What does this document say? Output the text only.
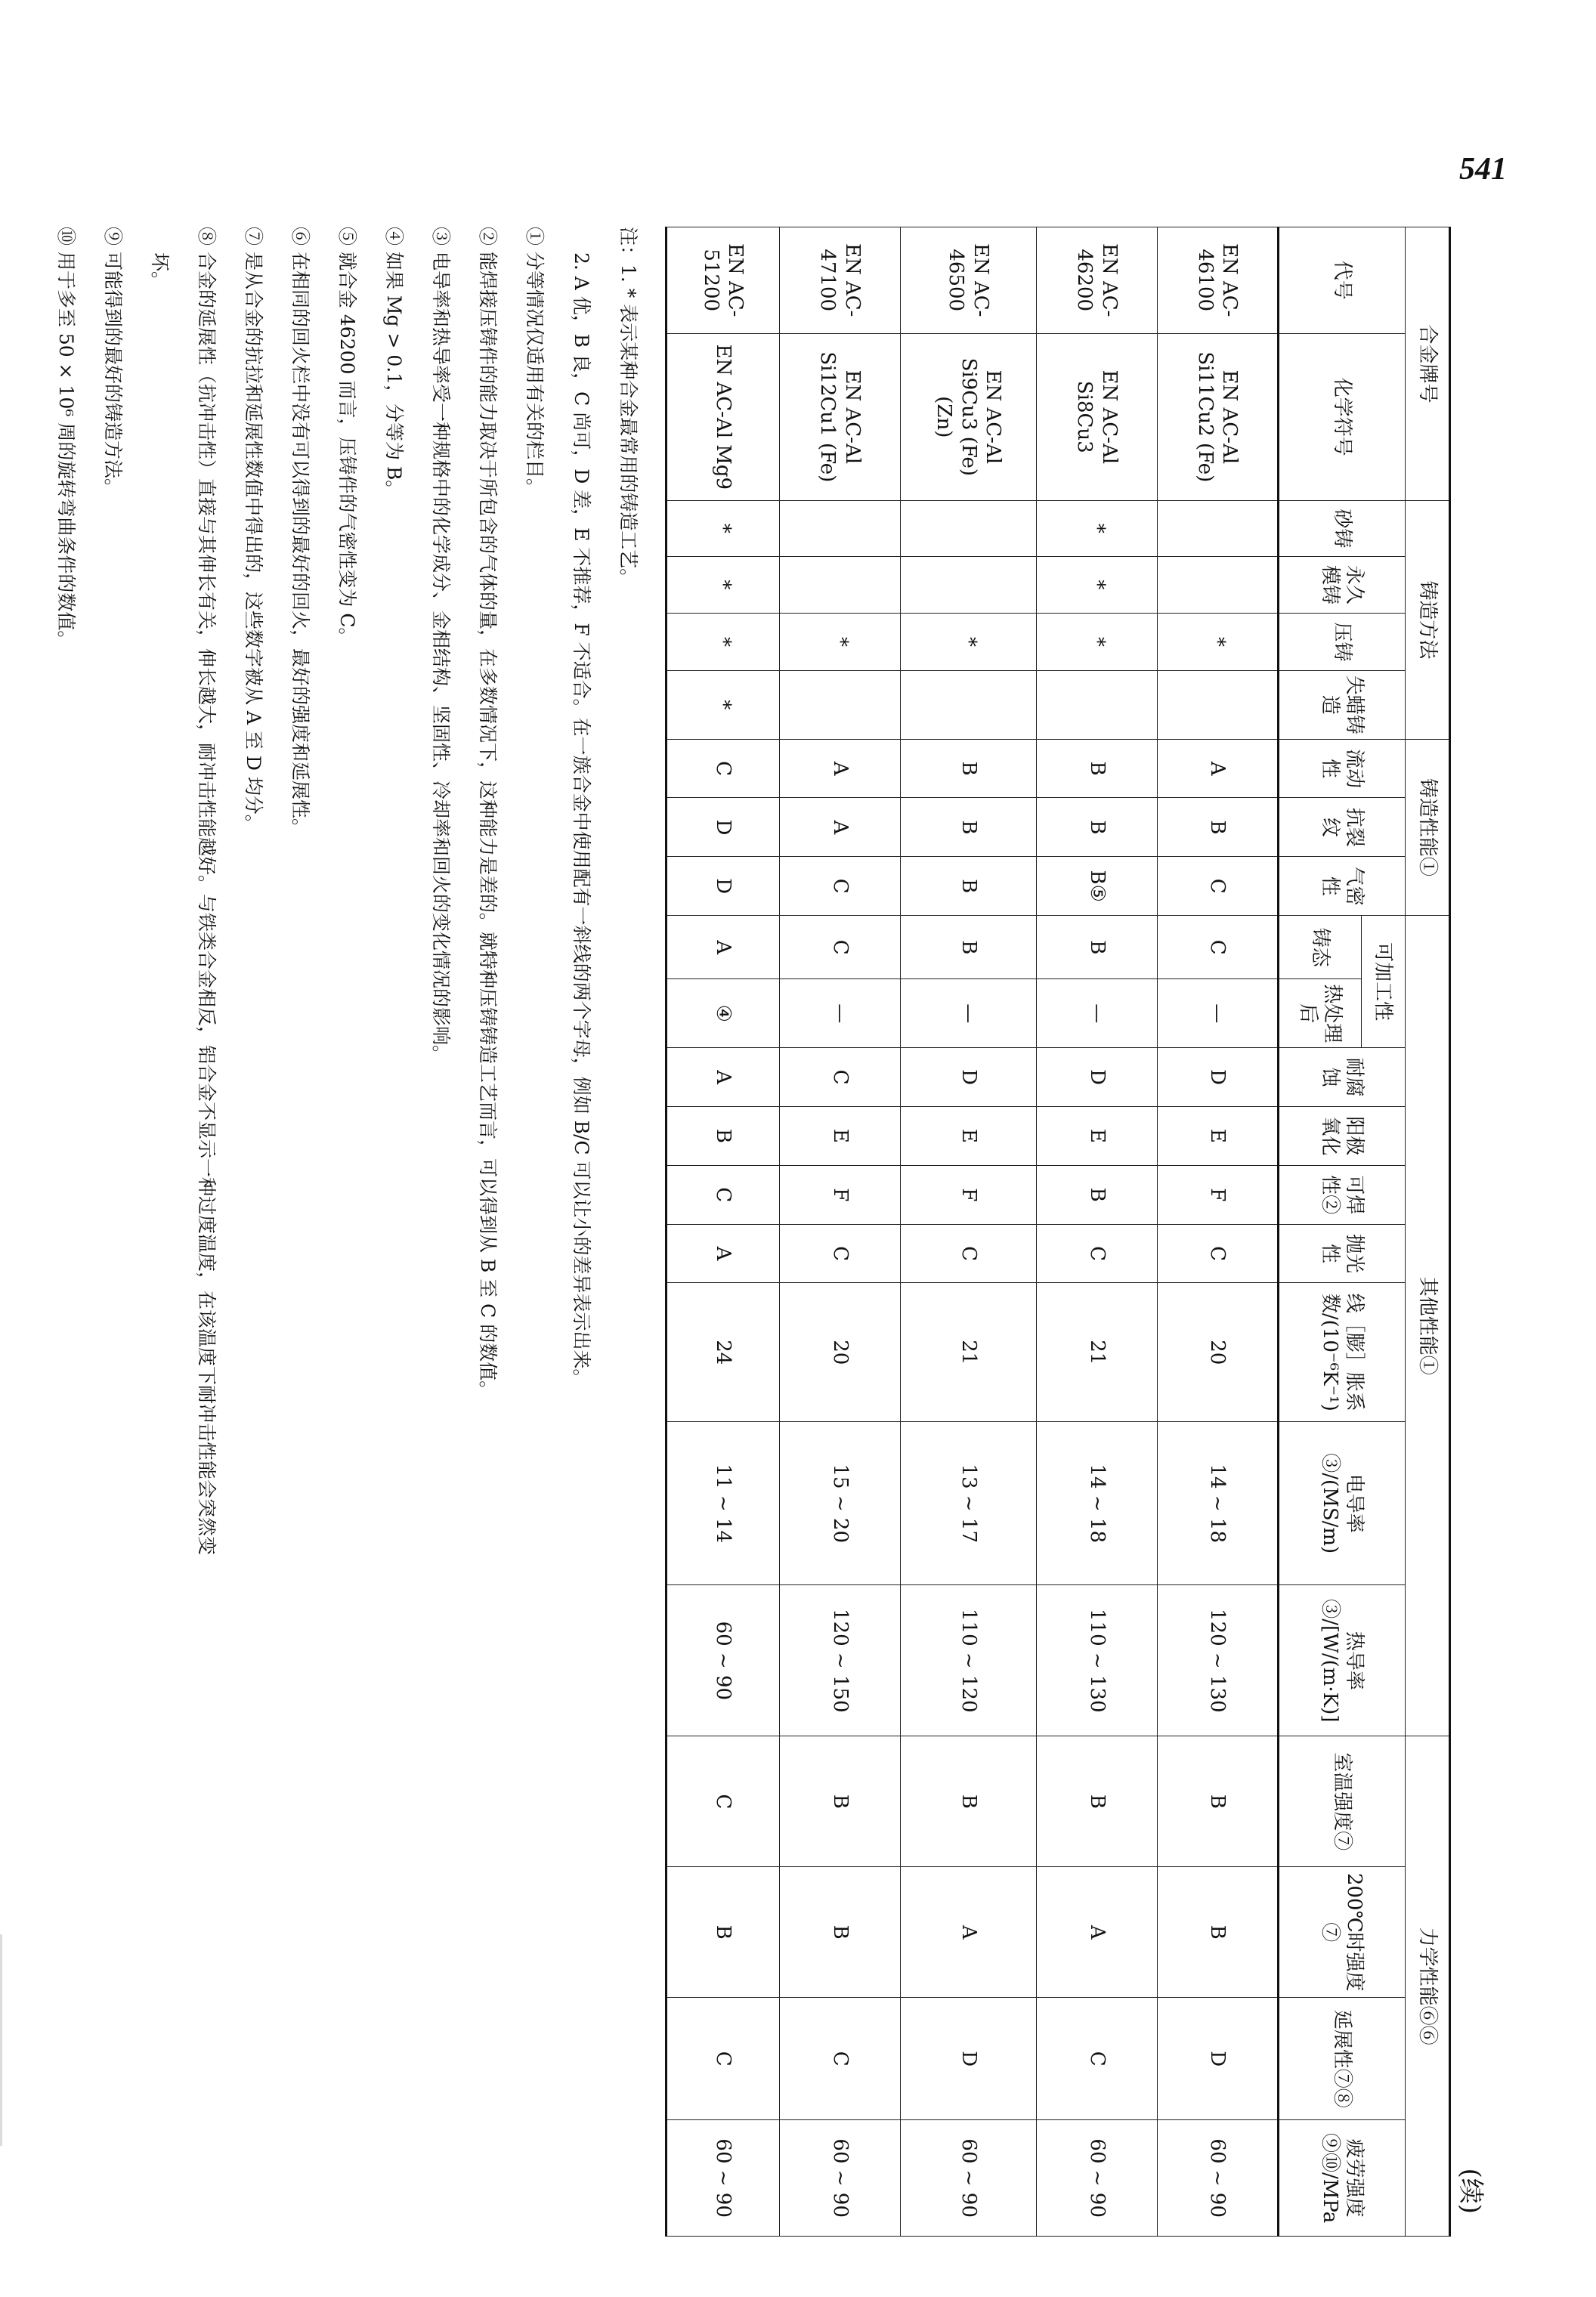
541
(续)
合金牌号		铸造方法				铸造性能①			其他性能①									力学性能⑥⑥			
代号	化学符号	砂铸	永久模铸	压铸	失蜡铸造	流动性	抗裂纹	气密性	可加工性		耐腐蚀	阳极氧化	可焊性②	抛光性	线［膨］胀系数/(10⁻⁶K⁻¹)	电导率③/(MS/m)	热导率③/[W/(m·K)]	室温强度⑦	200℃时强度⑦	延展性⑦⑧	疲劳强度⑨⑩/MPa
									铸态	热处理后											
EN AC-46100	EN AC-Al Si11Cu2 (Fe)			*		A	B	C	C	—	D	E	F	C	20	14 ~ 18	120 ~ 130	B	B	D	60 ~ 90
EN AC-46200	EN AC-Al Si8Cu3	*	*	*		B	B	B⑤	B	—	D	E	B	C	21	14 ~ 18	110 ~ 130	B	A	C	60 ~ 90
EN AC-46500	EN AC-Al Si9Cu3 (Fe) (Zn)			*		B	B	B	B	—	D	E	F	C	21	13 ~ 17	110 ~ 120	B	A	D	60 ~ 90
EN AC-47100	EN AC-Al Si12Cu1 (Fe)			*		A	A	C	C	—	C	E	F	C	20	15 ~ 20	120 ~ 150	B	B	C	60 ~ 90
EN AC-51200	EN AC-Al Mg9	*	*	*	*	C	D	D	A	④	A	B	C	A	24	11 ~ 14	60 ~ 90	C	B	C	60 ~ 90
注：1. * 表示某种合金最常用的铸造工艺。
2. A 优，B 良，C 尚可，D 差，E 不推荐，F 不适合。在一族合金中使用配有一斜线的两个字母，例如 B/C 可以让小的差异表示出来。
① 分等情况仅适用有关的栏目。
② 能焊接压铸件的能力取决于所包含的气体的量，在多数情况下，这种能力是差的。就特种压铸铸造工艺而言，可以得到从 B 至 C 的数值。
③ 电导率和热导率受一种规格中的化学成分、金相结构、坚固性、冷却率和回火的变化情况的影响。
④ 如果 Mg > 0.1，分等为 B。
⑤ 就合金 46200 而言，压铸件的气密性变为 C。
⑥ 在相同的回火栏中没有可以得到的最好的回火，最好的强度和延展性。
⑦ 是从合金的抗拉和延展性数值中得出的，这些数字被从 A 至 D 均分。
⑧ 合金的延展性（抗冲击性）直接与其伸长有关，伸长越大，耐冲击性能越好。与铁类合金相反，铝合金不显示一种过度温度，在该温度下耐冲击性能会突然变
坏。
⑨ 可能得到的最好的铸造方法。
⑩ 用于多至 50 × 10⁶ 周的旋转弯曲条件的数值。
